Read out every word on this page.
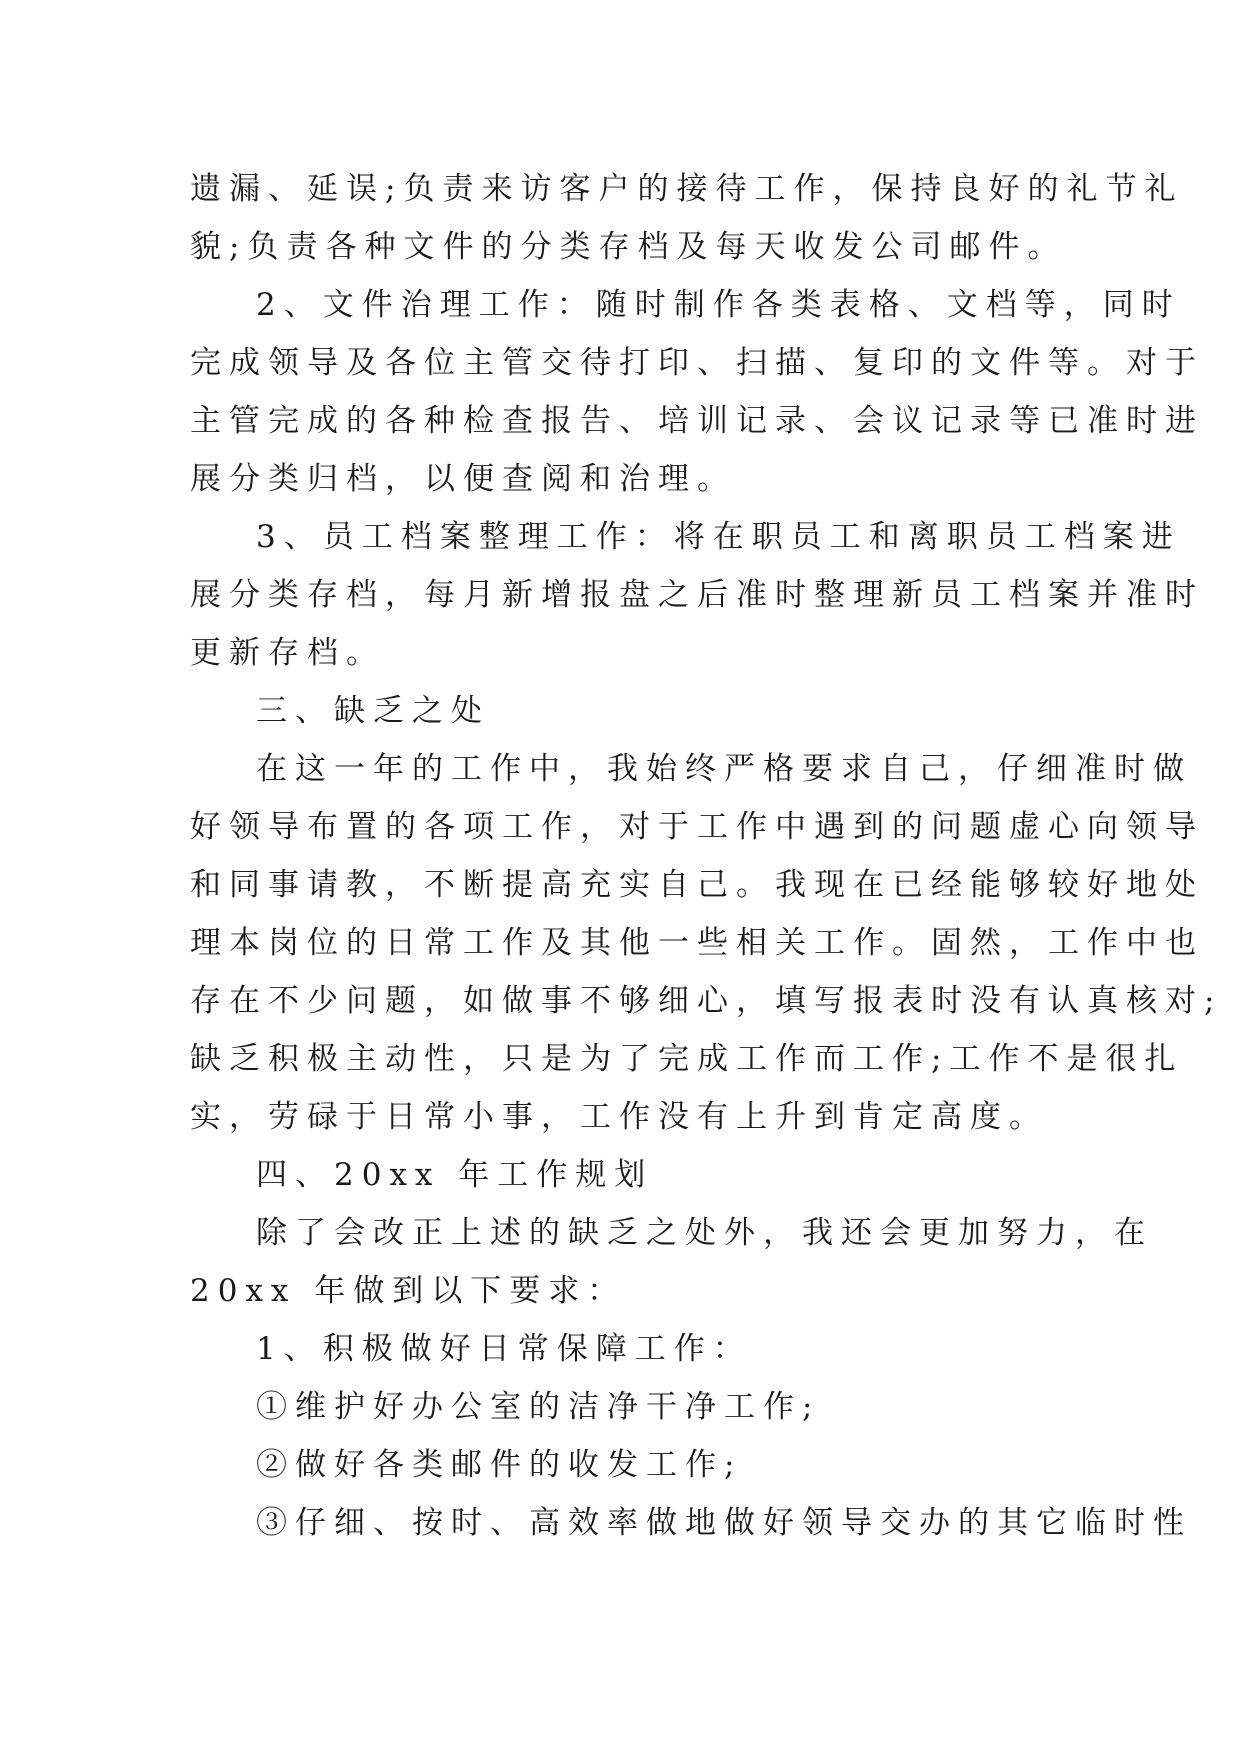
遗漏、延误;负责来访客户的接待工作，保持良好的礼节礼
貌;负责各种文件的分类存档及每天收发公司邮件。
2、文件治理工作：随时制作各类表格、文档等，同时
完成领导及各位主管交待打印、扫描、复印的文件等。对于
主管完成的各种检查报告、培训记录、会议记录等已准时进
展分类归档，以便查阅和治理。
3、员工档案整理工作：将在职员工和离职员工档案进
展分类存档，每月新增报盘之后准时整理新员工档案并准时
更新存档。
三、缺乏之处
在这一年的工作中，我始终严格要求自己，仔细准时做
好领导布置的各项工作，对于工作中遇到的问题虚心向领导
和同事请教，不断提高充实自己。我现在已经能够较好地处
理本岗位的日常工作及其他一些相关工作。固然，工作中也
存在不少问题，如做事不够细心，填写报表时没有认真核对;
缺乏积极主动性，只是为了完成工作而工作;工作不是很扎
实，劳碌于日常小事，工作没有上升到肯定高度。
四、20xx 年工作规划
除了会改正上述的缺乏之处外，我还会更加努力，在
20xx 年做到以下要求：
1、积极做好日常保障工作：
①维护好办公室的洁净干净工作;
②做好各类邮件的收发工作;
③仔细、按时、高效率做地做好领导交办的其它临时性
